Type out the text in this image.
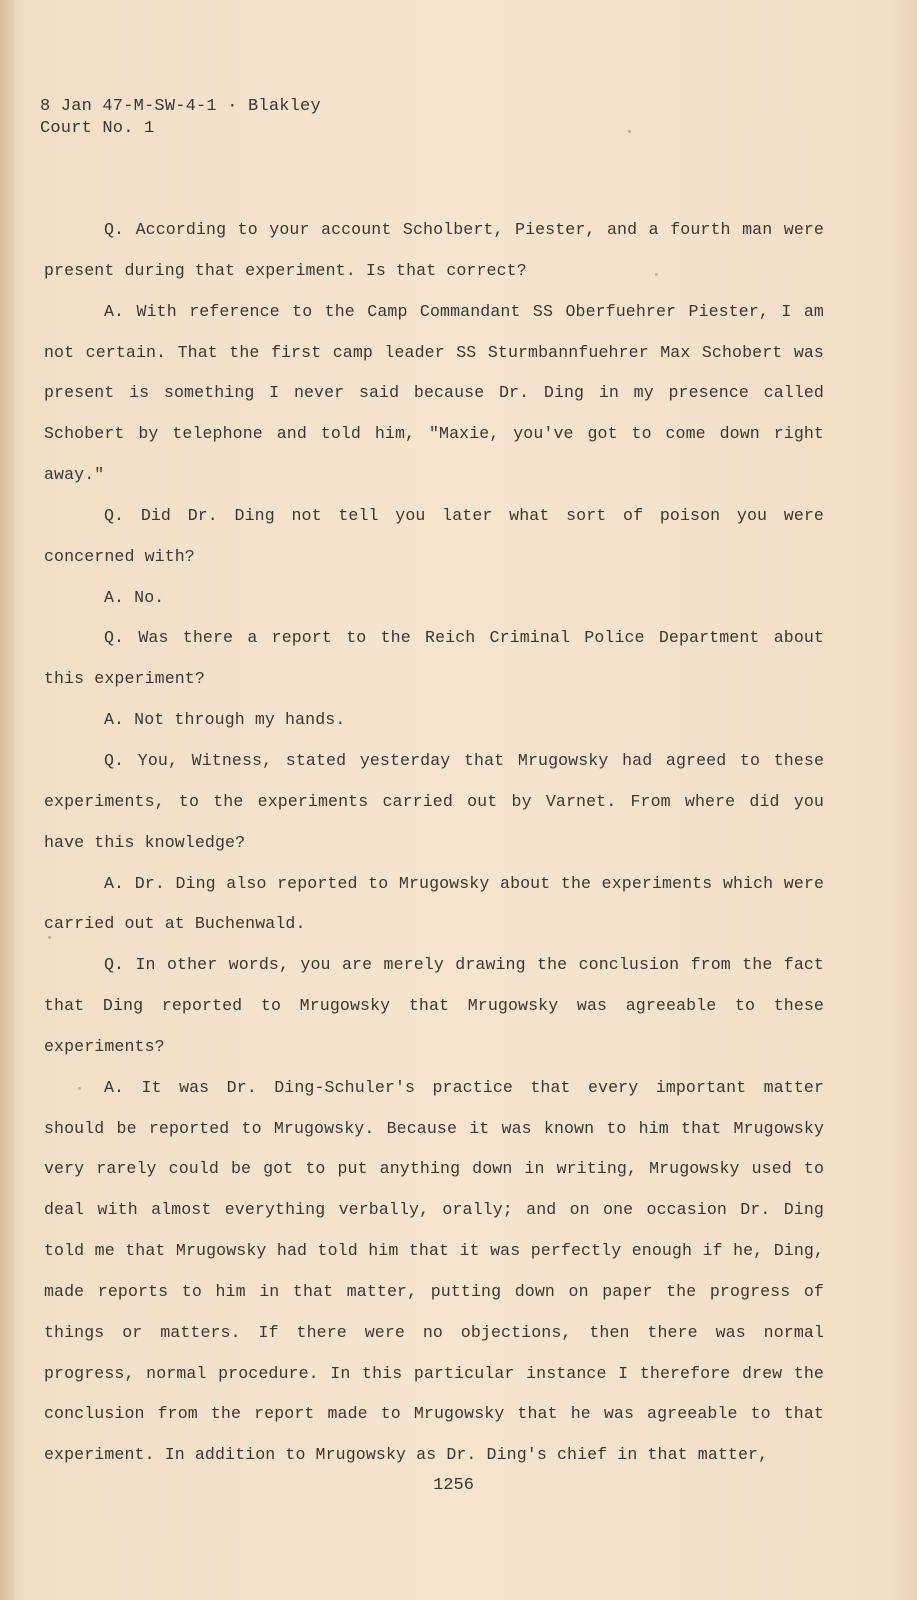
8 Jan 47-M-SW-4-1 · Blakley
Court No. 1

Q. According to your account Scholbert, Piester, and a fourth man were present during that experiment. Is that correct?

A. With reference to the Camp Commandant SS Oberfuehrer Piester, I am not certain. That the first camp leader SS Sturmbannfuehrer Max Schobert was present is something I never said because Dr. Ding in my presence called Schobert by telephone and told him, "Maxie, you've got to come down right away."

Q. Did Dr. Ding not tell you later what sort of poison you were concerned with?

A. No.

Q. Was there a report to the Reich Criminal Police Department about this experiment?

A. Not through my hands.

Q. You, Witness, stated yesterday that Mrugowsky had agreed to these experiments, to the experiments carried out by Varnet. From where did you have this knowledge?

A. Dr. Ding also reported to Mrugowsky about the experiments which were carried out at Buchenwald.

Q. In other words, you are merely drawing the conclusion from the fact that Ding reported to Mrugowsky that Mrugowsky was agreeable to these experiments?

A. It was Dr. Ding-Schuler's practice that every important matter should be reported to Mrugowsky. Because it was known to him that Mrugowsky very rarely could be got to put anything down in writing, Mrugowsky used to deal with almost everything verbally, orally; and on one occasion Dr. Ding told me that Mrugowsky had told him that it was perfectly enough if he, Ding, made reports to him in that matter, putting down on paper the progress of things or matters. If there were no objections, then there was normal progress, normal procedure. In this particular instance I therefore drew the conclusion from the report made to Mrugowsky that he was agreeable to that experiment. In addition to Mrugowsky as Dr. Ding's chief in that matter,

1256
